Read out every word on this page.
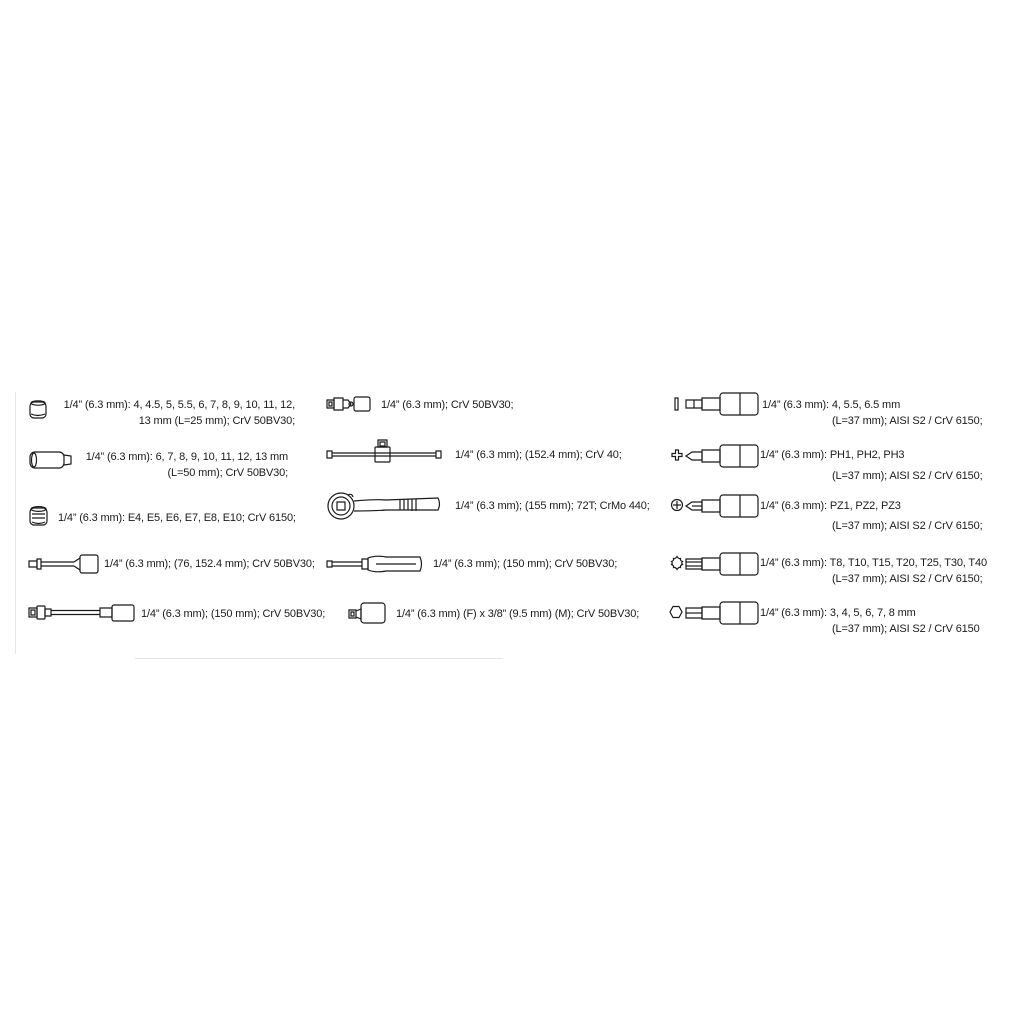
1/4” (6.3 mm): 4, 4.5, 5, 5.5, 6, 7, 8, 9, 10, 11, 12,
13 mm (L=25 mm); CrV 50BV30;
1/4” (6.3 mm): 6, 7, 8, 9, 10, 11, 12, 13 mm
(L=50 mm); CrV 50BV30;
1/4” (6.3 mm): E4, E5, E6, E7, E8, E10; CrV 6150;
1/4” (6.3 mm); (76, 152.4 mm); CrV 50BV30;
1/4” (6.3 mm); (150 mm); CrV 50BV30;
1/4” (6.3 mm); CrV 50BV30;
1/4” (6.3 mm); (152.4 mm); CrV 40;
1/4” (6.3 mm); (155 mm); 72T; CrMo 440;
1/4” (6.3 mm); (150 mm); CrV 50BV30;
1/4” (6.3 mm) (F) x 3/8” (9.5 mm) (M); CrV 50BV30;
1/4” (6.3 mm): 4, 5.5, 6.5 mm
(L=37 mm); AISI S2 / CrV 6150;
1/4” (6.3 mm): PH1, PH2, PH3
(L=37 mm); AISI S2 / CrV 6150;
1/4” (6.3 mm): PZ1, PZ2, PZ3
(L=37 mm); AISI S2 / CrV 6150;
1/4” (6.3 mm): T8, T10, T15, T20, T25, T30, T40
(L=37 mm); AISI S2 / CrV 6150;
1/4” (6.3 mm): 3, 4, 5, 6, 7, 8 mm
(L=37 mm); AISI S2 / CrV 6150
